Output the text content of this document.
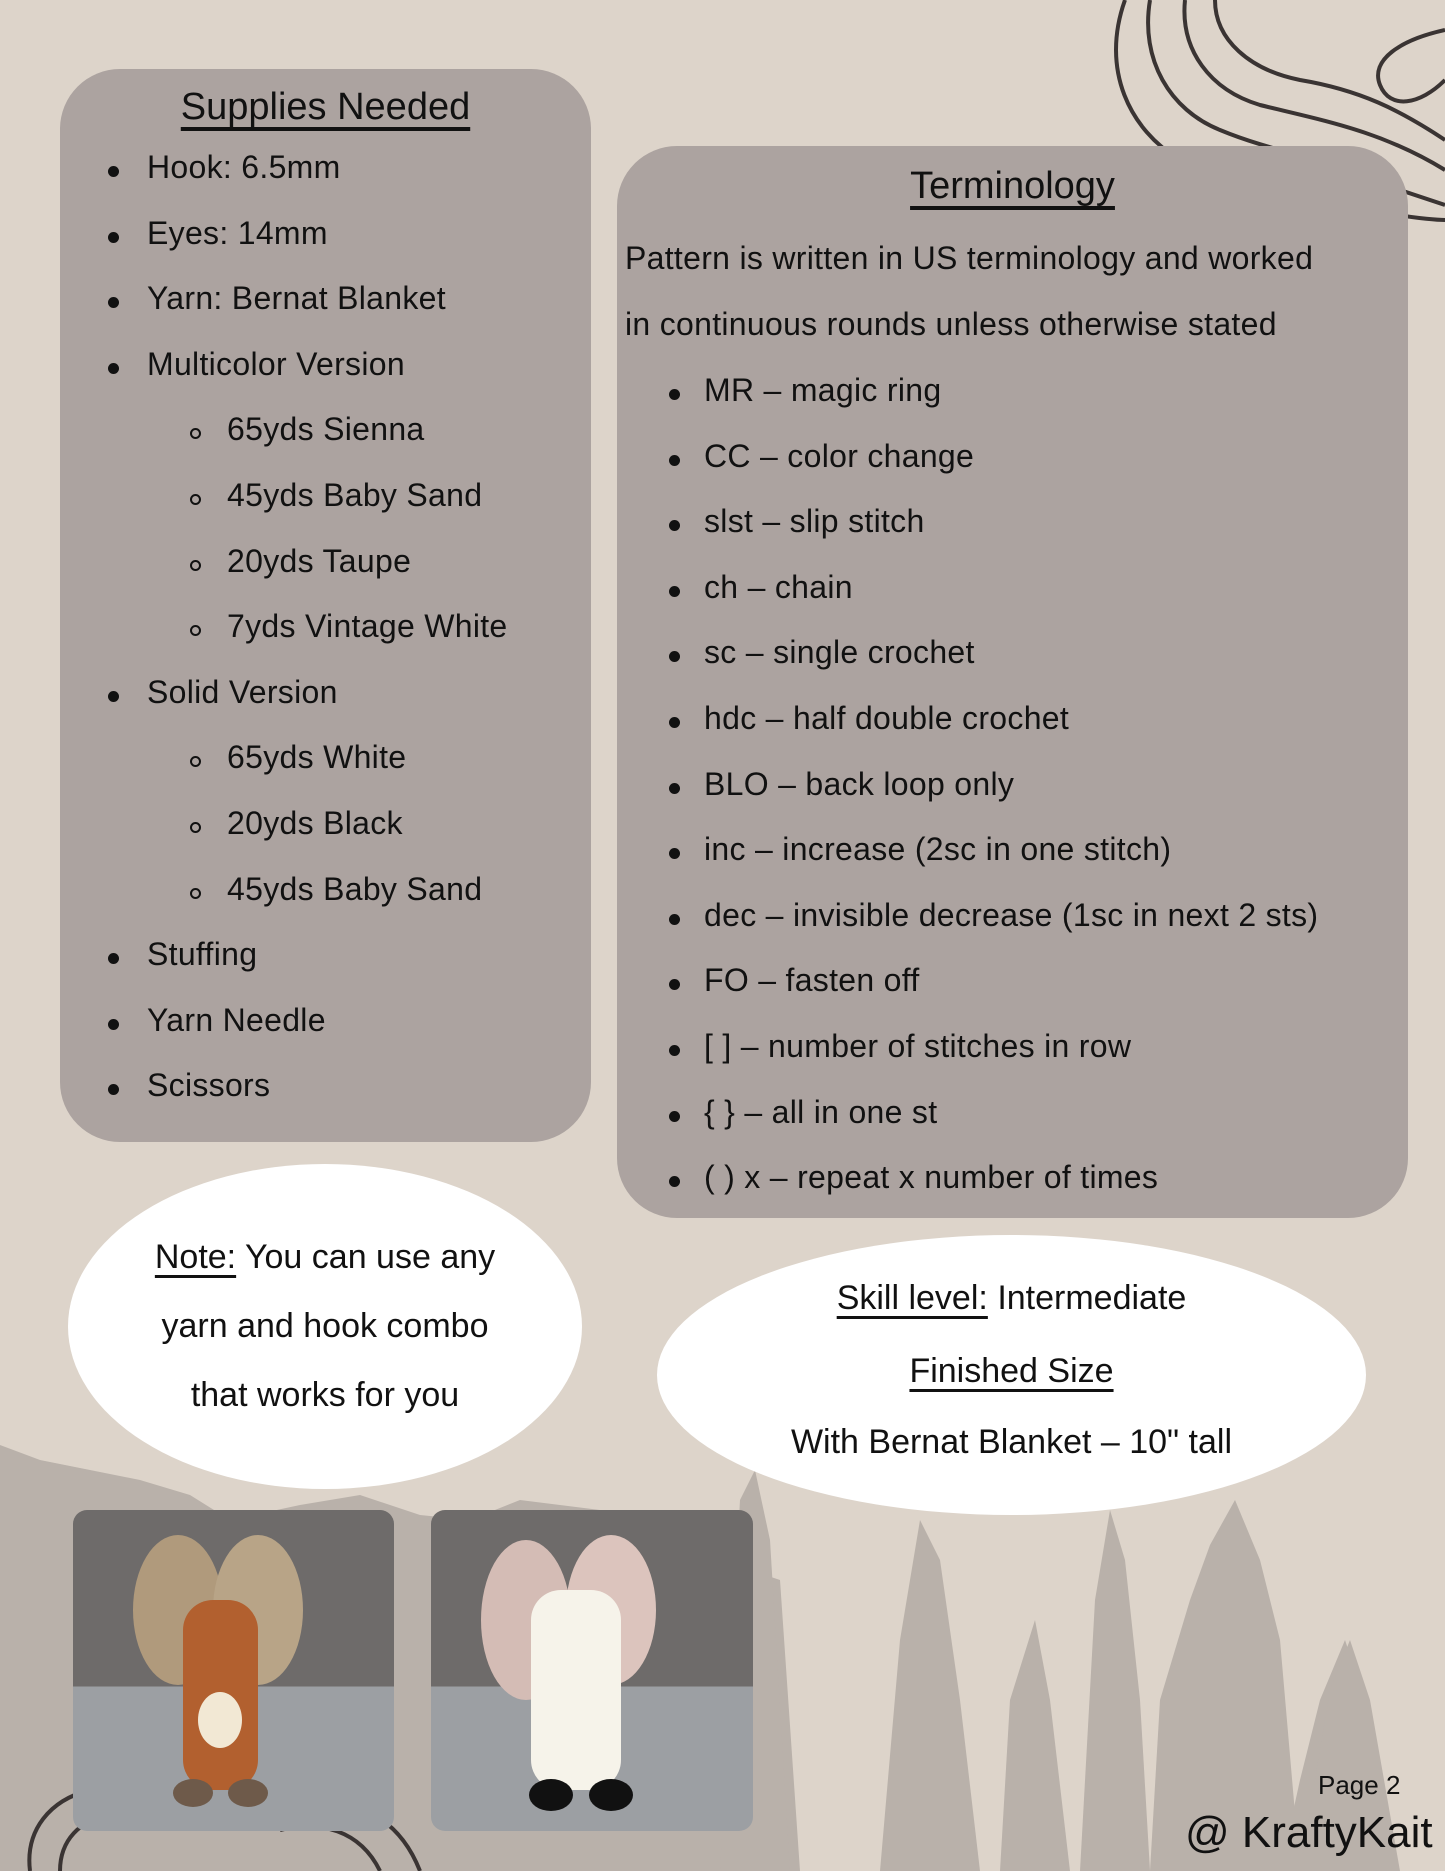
Supplies Needed
Hook: 6.5mm
Eyes: 14mm
Yarn: Bernat Blanket
Multicolor Version
65yds Sienna
45yds Baby Sand
20yds Taupe
7yds Vintage White
Solid Version
65yds White
20yds Black
45yds Baby Sand
Stuffing
Yarn Needle
Scissors
Terminology
Pattern is written in US terminology and worked
in continuous rounds unless otherwise stated
MR – magic ring
CC – color change
slst – slip stitch
ch – chain
sc – single crochet
hdc – half double crochet
BLO – back loop only
inc – increase (2sc in one stitch)
dec – invisible decrease (1sc in next 2 sts)
FO – fasten off
[ ] – number of stitches in row
{ } – all in one st
( ) x – repeat x number of times
Note: You can use any
yarn and hook combo
that works for you
Skill level: Intermediate
Finished Size
With Bernat Blanket – 10" tall
Page 2
@ KraftyKait
